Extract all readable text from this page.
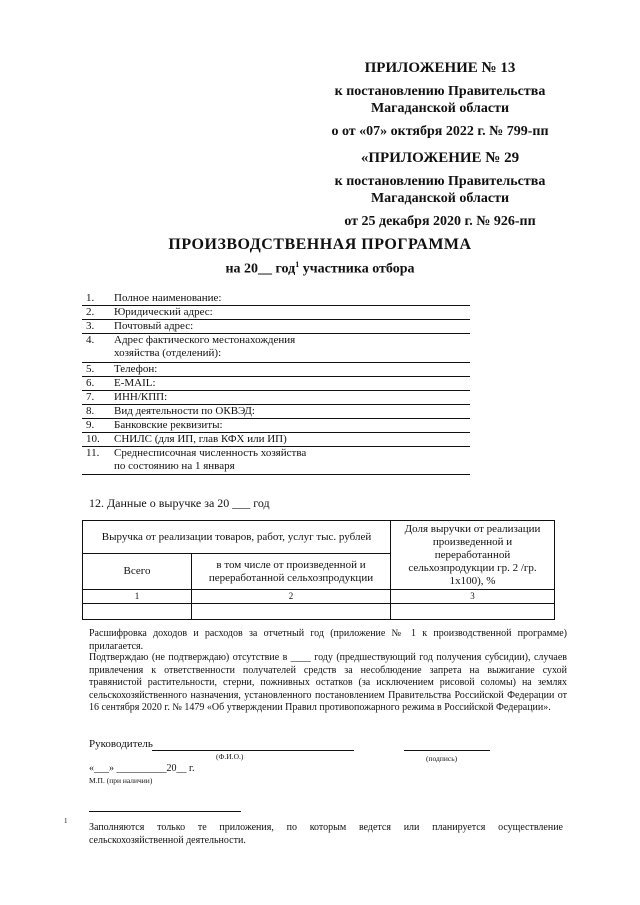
ПРИЛОЖЕНИЕ № 13
к постановлению Правительства
Магаданской области
о от «07» октября 2022 г. № 799-пп
«ПРИЛОЖЕНИЕ № 29
к постановлению Правительства
Магаданской области
от 25 декабря 2020 г. № 926-пп
ПРОИЗВОДСТВЕННАЯ ПРОГРАММА
на 20__ год$^1$ участника отбора
1.	Полное наименование:
2.	Юридический адрес:
3.	Почтовый адрес:
4.	Адрес фактического местонахождения хозяйства (отделений):
5.	Телефон:
6.	E-MAIL:
7.	ИНН/КПП:
8.	Вид деятельности по ОКВЭД:
9.	Банковские реквизиты:
10.	СНИЛС (для ИП, глав КФХ или ИП)
11.	Среднесписочная численность хозяйства по состоянию на 1 января
12. Данные о выручке за 20 ___ год
Выручка от реализации товаров, работ, услуг тыс. рублей		Доля выручки от реализации произведенной и переработанной сельхозпродукции гр. 2 /гр. 1х100), %
Всего	в том числе от произведенной и переработанной сельхозпродукции	
1	2	3

Расшифровка доходов и расходов за отчетный год (приложение № 1 к производственной программе) прилагается.
Подтверждаю (не подтверждаю) отсутствие в ____ году (предшествующий год получения субсидии), случаев привлечения к ответственности получателей средств за несоблюдение запрета на выжигание сухой травянистой растительности, стерни, пожнивных остатков (за исключением рисовой соломы) на землях сельскохозяйственного назначения, установленного постановлением Правительства Российской Федерации от 16 сентября 2020 г. № 1479 «Об утверждении Правил противопожарного режима в Российской Федерации».
Руководитель
(Ф.И.О.)	(подпись)
«___» __________20__ г.
М.П. (при наличии)
1
Заполняются только те приложения, по которым ведется или планируется осуществление сельскохозяйственной деятельности.
